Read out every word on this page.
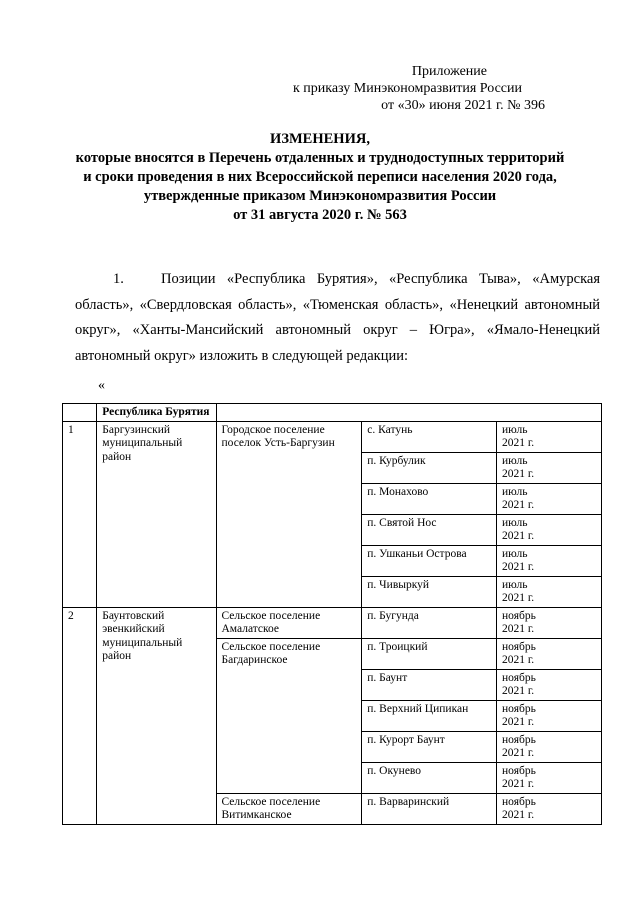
Приложение
к приказу Минэкономразвития России
от «30» июня 2021 г. № 396
ИЗМЕНЕНИЯ,
которые вносятся в Перечень отдаленных и труднодоступных территорий
и сроки проведения в них Всероссийской переписи населения 2020 года,
утвержденные приказом Минэкономразвития России
от 31 августа 2020 г. № 563

1.	Позиции «Республика Бурятия», «Республика Тыва», «Амурская область», «Свердловская область», «Тюменская область», «Ненецкий автономный округ», «Ханты-Мансийский автономный округ – Югра», «Ямало-Ненецкий автономный округ» изложить в следующей редакции:

«
	Республика Бурятия			
1	Баргузинский муниципальный район	Городское поселение поселок Усть-Баргузин	с. Катунь	июль
2021 г.

			п. Курбулик	июль
2021 г.

			п. Монахово	июль
2021 г.

			п. Святой Нос	июль
2021 г.

			п. Ушканьи Острова	июль
2021 г.

			п. Чивыркуй	июль
2021 г.

2	Баунтовский эвенкийский муниципальный район	Сельское поселение Амалатское	п. Бугунда	ноябрь
2021 г.

		Сельское поселение Багдаринское	п. Троицкий	ноябрь
2021 г.

			п. Баунт	ноябрь
2021 г.

			п. Верхний Ципикан	ноябрь
2021 г.

			п. Курорт Баунт	ноябрь
2021 г.

			п. Окунево	ноябрь
2021 г.

		Сельское поселение Витимканское	п. Варваринский	ноябрь
2021 г.
